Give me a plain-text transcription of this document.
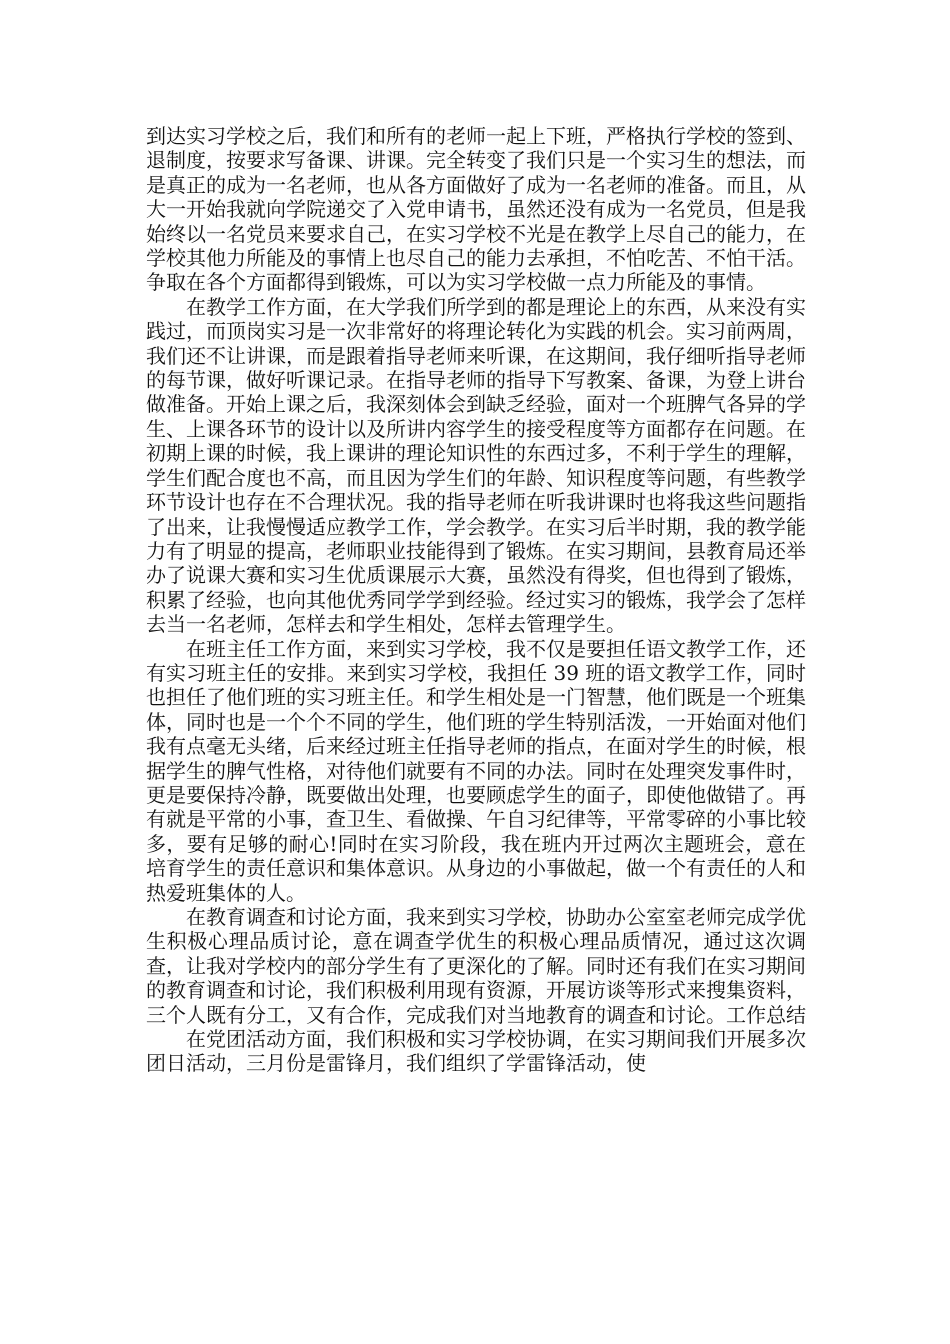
到达实习学校之后，我们和所有的老师一起上下班，严格执行学校的签到、退制度，按要求写备课、讲课。完全转变了我们只是一个实习生的想法，而是真正的成为一名老师，也从各方面做好了成为一名老师的准备。而且，从大一开始我就向学院递交了入党申请书，虽然还没有成为一名党员，但是我始终以一名党员来要求自己，在实习学校不光是在教学上尽自己的能力，在学校其他力所能及的事情上也尽自己的能力去承担，不怕吃苦、不怕干活。争取在各个方面都得到锻炼，可以为实习学校做一点力所能及的事情。

在教学工作方面，在大学我们所学到的都是理论上的东西，从来没有实践过，而顶岗实习是一次非常好的将理论转化为实践的机会。实习前两周，我们还不让讲课，而是跟着指导老师来听课，在这期间，我仔细听指导老师的每节课，做好听课记录。在指导老师的指导下写教案、备课，为登上讲台做准备。开始上课之后，我深刻体会到缺乏经验，面对一个班脾气各异的学生、上课各环节的设计以及所讲内容学生的接受程度等方面都存在问题。在初期上课的时候，我上课讲的理论知识性的东西过多，不利于学生的理解，学生们配合度也不高，而且因为学生们的年龄、知识程度等问题，有些教学环节设计也存在不合理状况。我的指导老师在听我讲课时也将我这些问题指了出来，让我慢慢适应教学工作，学会教学。在实习后半时期，我的教学能力有了明显的提高，老师职业技能得到了锻炼。在实习期间，县教育局还举办了说课大赛和实习生优质课展示大赛，虽然没有得奖，但也得到了锻炼，积累了经验，也向其他优秀同学学到经验。经过实习的锻炼，我学会了怎样去当一名老师，怎样去和学生相处，怎样去管理学生。

在班主任工作方面，来到实习学校，我不仅是要担任语文教学工作，还有实习班主任的安排。来到实习学校，我担任 39 班的语文教学工作，同时也担任了他们班的实习班主任。和学生相处是一门智慧，他们既是一个班集体，同时也是一个个不同的学生，他们班的学生特别活泼，一开始面对他们我有点毫无头绪，后来经过班主任指导老师的指点，在面对学生的时候，根据学生的脾气性格，对待他们就要有不同的办法。同时在处理突发事件时，更是要保持冷静，既要做出处理，也要顾虑学生的面子，即使他做错了。再有就是平常的小事，查卫生、看做操、午自习纪律等，平常零碎的小事比较多，要有足够的耐心!同时在实习阶段，我在班内开过两次主题班会，意在培育学生的责任意识和集体意识。从身边的小事做起，做一个有责任的人和热爱班集体的人。

在教育调查和讨论方面，我来到实习学校，协助办公室室老师完成学优生积极心理品质讨论，意在调查学优生的积极心理品质情况，通过这次调查，让我对学校内的部分学生有了更深化的了解。同时还有我们在实习期间的教育调查和讨论，我们积极利用现有资源，开展访谈等形式来搜集资料，三个人既有分工，又有合作，完成我们对当地教育的调查和讨论。工作总结

在党团活动方面，我们积极和实习学校协调，在实习期间我们开展多次团日活动，三月份是雷锋月，我们组织了学雷锋活动，使
